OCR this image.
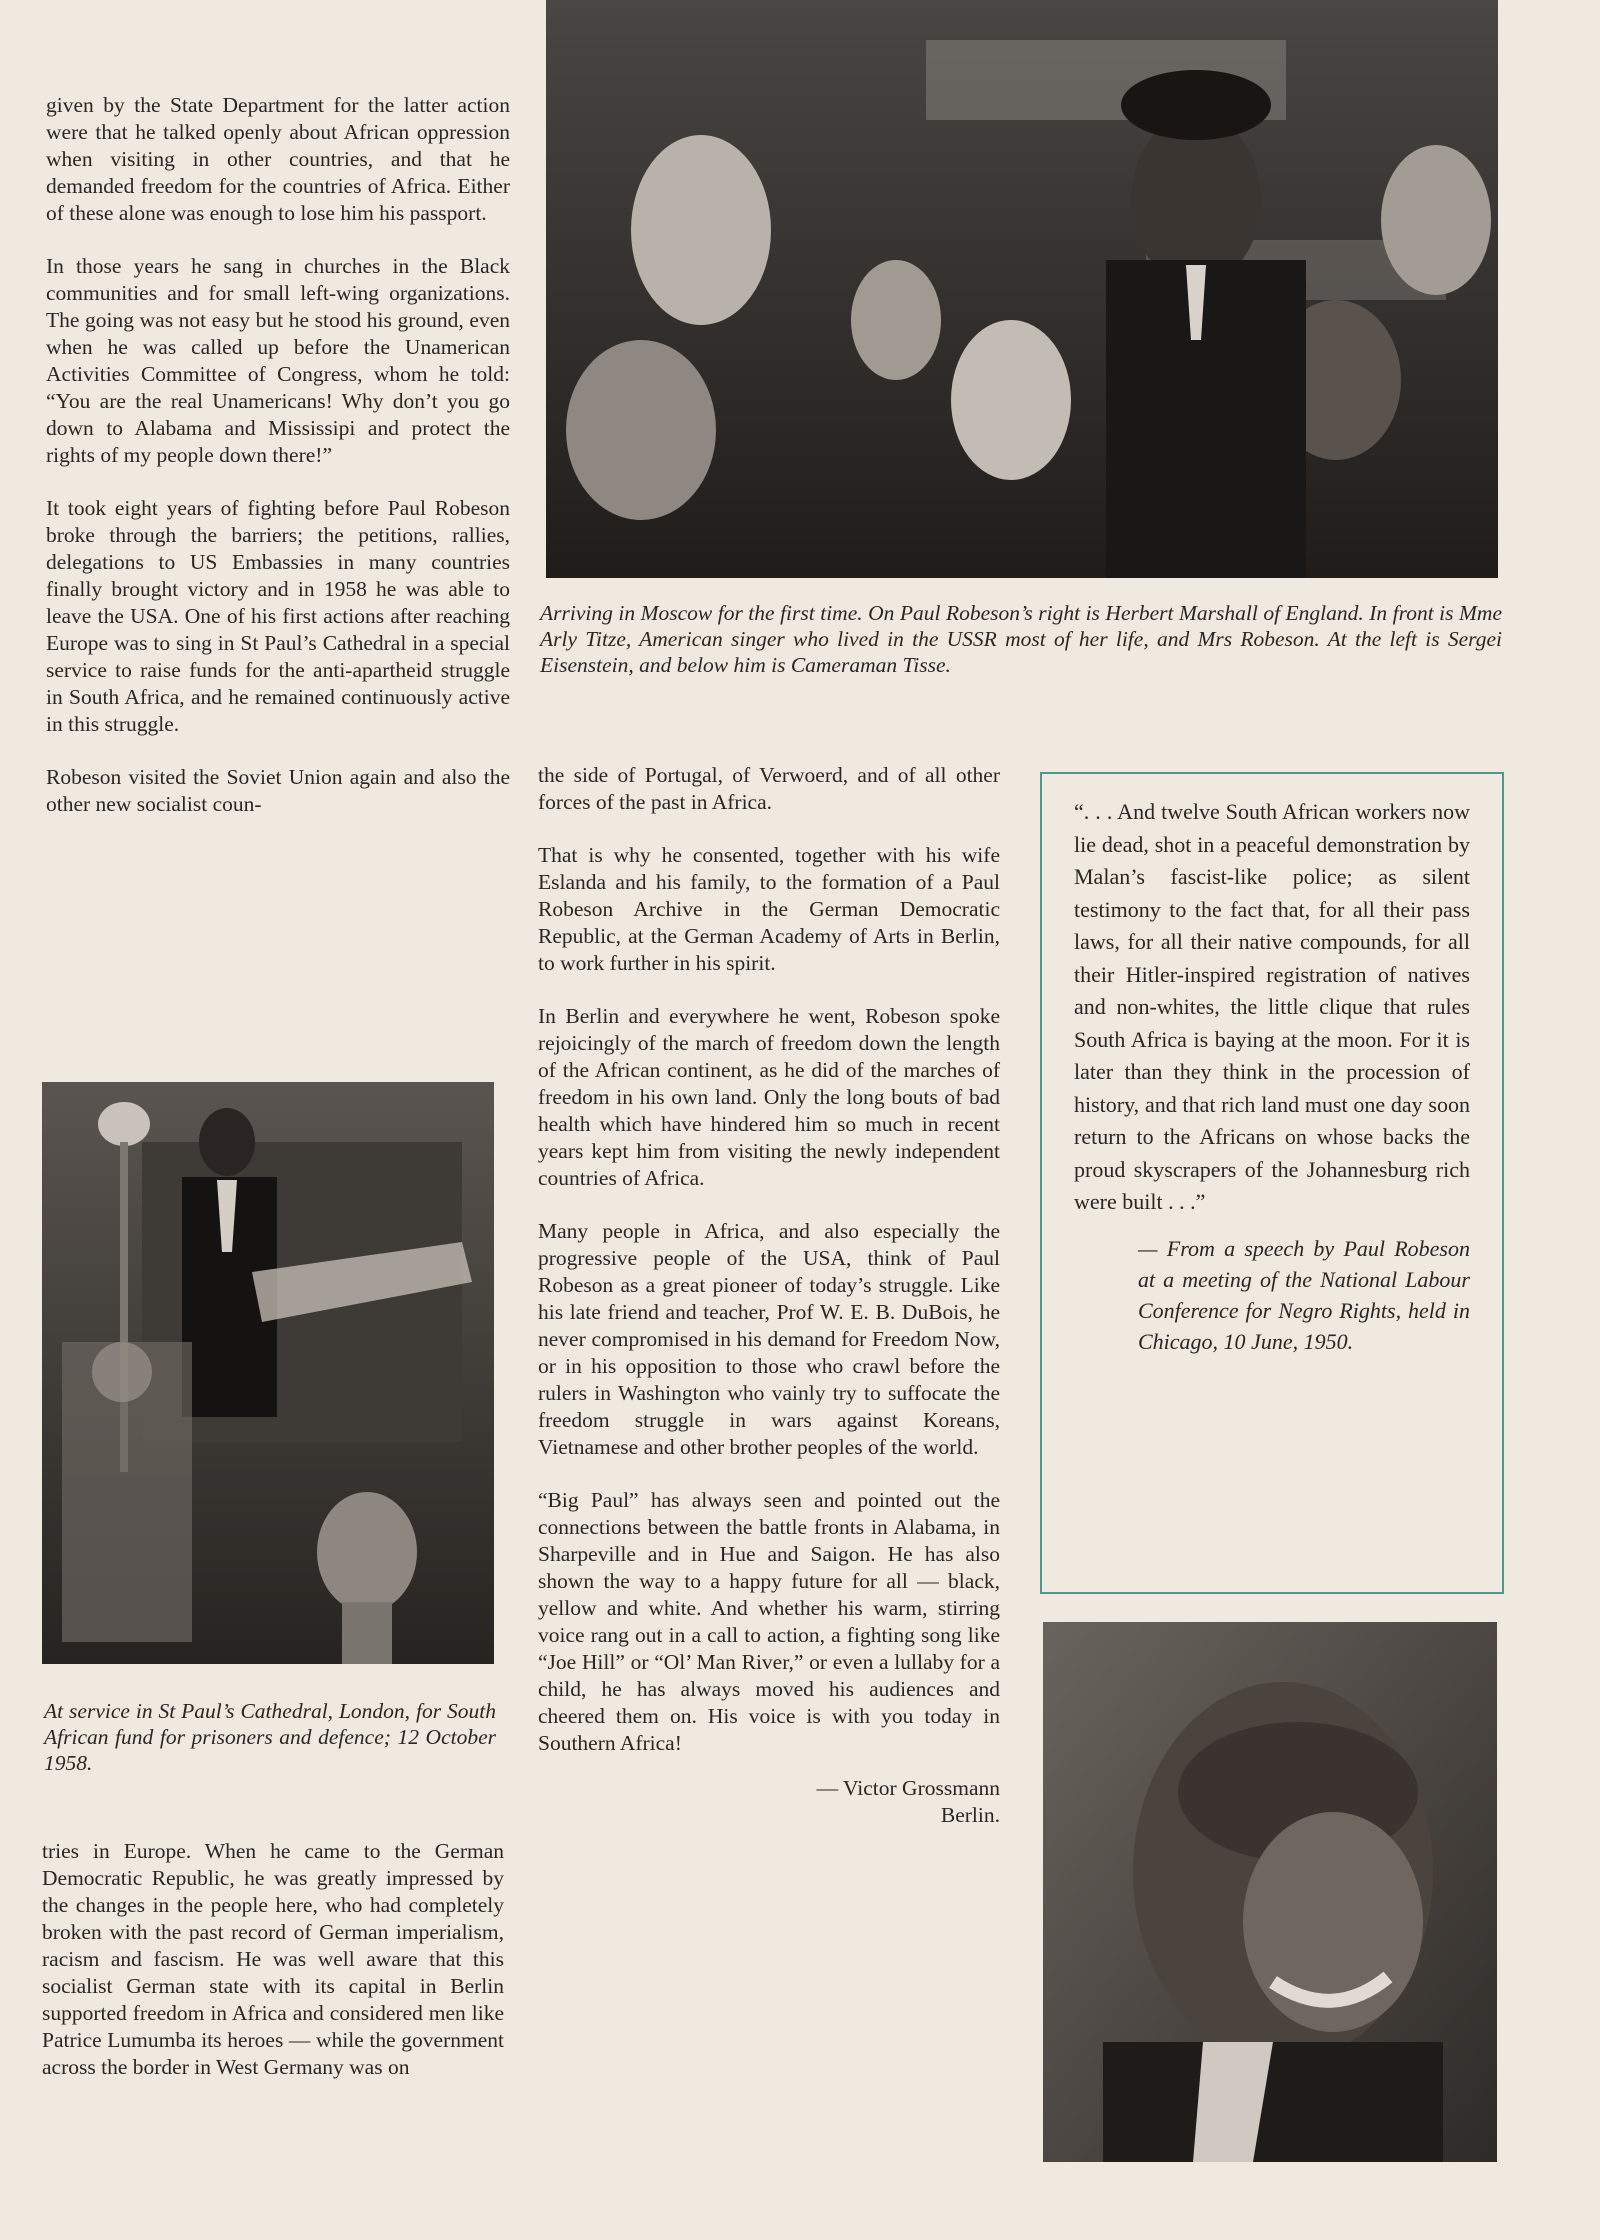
given by the State Department for the latter action were that he talked openly about African oppression when visiting in other countries, and that he demanded freedom for the countries of Africa. Either of these alone was enough to lose him his passport.

In those years he sang in churches in the Black communities and for small left-wing organizations. The going was not easy but he stood his ground, even when he was called up before the Unamerican Activities Committee of Congress, whom he told: “You are the real Unamericans! Why don’t you go down to Alabama and Mississipi and protect the rights of my people down there!”

It took eight years of fighting before Paul Robeson broke through the barriers; the petitions, rallies, delegations to US Embassies in many countries finally brought victory and in 1958 he was able to leave the USA. One of his first actions after reaching Europe was to sing in St Paul’s Cathedral in a special service to raise funds for the anti-apartheid struggle in South Africa, and he remained continuously active in this struggle.

Robeson visited the Soviet Union again and also the other new socialist coun-

Arriving in Moscow for the first time. On Paul Robeson’s right is Herbert Marshall of England. In front is Mme Arly Titze, American singer who lived in the USSR most of her life, and Mrs Robeson. At the left is Sergei Eisenstein, and below him is Cameraman Tisse.
At service in St Paul’s Cathedral, London, for South African fund for prisoners and defence; 12 October 1958.

tries in Europe. When he came to the German Democratic Republic, he was greatly impressed by the changes in the people here, who had completely broken with the past record of German imperialism, racism and fascism. He was well aware that this socialist German state with its capital in Berlin supported freedom in Africa and considered men like Patrice Lumumba its heroes — while the government across the border in West Germany was on

the side of Portugal, of Verwoerd, and of all other forces of the past in Africa.

That is why he consented, together with his wife Eslanda and his family, to the formation of a Paul Robeson Archive in the German Democratic Republic, at the German Academy of Arts in Berlin, to work further in his spirit.

In Berlin and everywhere he went, Robeson spoke rejoicingly of the march of freedom down the length of the African continent, as he did of the marches of freedom in his own land. Only the long bouts of bad health which have hindered him so much in recent years kept him from visiting the newly independent countries of Africa.

Many people in Africa, and also especially the progressive people of the USA, think of Paul Robeson as a great pioneer of today’s struggle. Like his late friend and teacher, Prof W. E. B. DuBois, he never compromised in his demand for Freedom Now, or in his opposition to those who crawl before the rulers in Washington who vainly try to suffocate the freedom struggle in wars against Koreans, Vietnamese and other brother peoples of the world.

“Big Paul” has always seen and pointed out the connections between the battle fronts in Alabama, in Sharpeville and in Hue and Saigon. He has also shown the way to a happy future for all — black, yellow and white. And whether his warm, stirring voice rang out in a call to action, a fighting song like “Joe Hill” or “Ol’ Man River,” or even a lullaby for a child, he has always moved his audiences and cheered them on. His voice is with you today in Southern Africa!

— Victor Grossmann
Berlin.

“. . . And twelve South African workers now lie dead, shot in a peaceful demonstration by Malan’s fascist-like police; as silent testimony to the fact that, for all their pass laws, for all their native compounds, for all their Hitler-inspired registration of natives and non-whites, the little clique that rules South Africa is baying at the moon. For it is later than they think in the procession of history, and that rich land must one day soon return to the Africans on whose backs the proud skyscrapers of the Johannesburg rich were built . . .”

— From a speech by Paul Robeson at a meeting of the National Labour Conference for Negro Rights, held in Chicago, 10 June, 1950.
